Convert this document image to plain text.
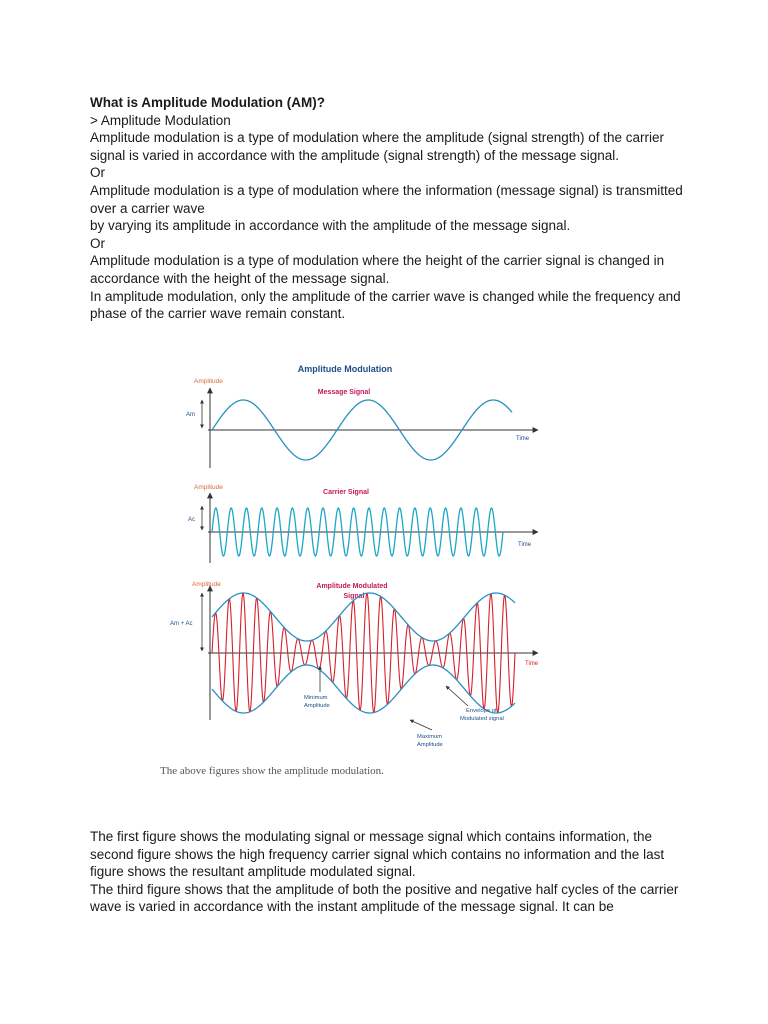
What is Amplitude Modulation (AM)?

> Amplitude Modulation

Amplitude modulation is a type of modulation where the amplitude (signal strength) of the carrier signal is varied in accordance with the amplitude (signal strength) of the message signal.

Or

Amplitude modulation is a type of modulation where the information (message signal) is transmitted over a carrier wave

by varying its amplitude in accordance with the amplitude of the message signal.

Or

Amplitude modulation is a type of modulation where the height of the carrier signal is changed in accordance with the height of the message signal.

In amplitude modulation, only the amplitude of the carrier wave is changed while the frequency and phase of the carrier wave remain constant.

Amplitude Modulation
Amplitude
Message Signal
Am
Time
Amplitude
Carrier Signal
Ac
Time
Amplitude	Amplitude Modulated
Signal
Am + Ac
Time
Minimum
Amplitude
Envelope of
Modulated signal
Maximum
Amplitude
The above figures show the amplitude modulation.

The first figure shows the modulating signal or message signal which contains information, the second figure shows the high frequency carrier signal which contains no information and the last figure shows the resultant amplitude modulated signal.

The third figure shows that the amplitude of both the positive and negative half cycles of the carrier wave is varied in accordance with the instant amplitude of the message signal. It can be
